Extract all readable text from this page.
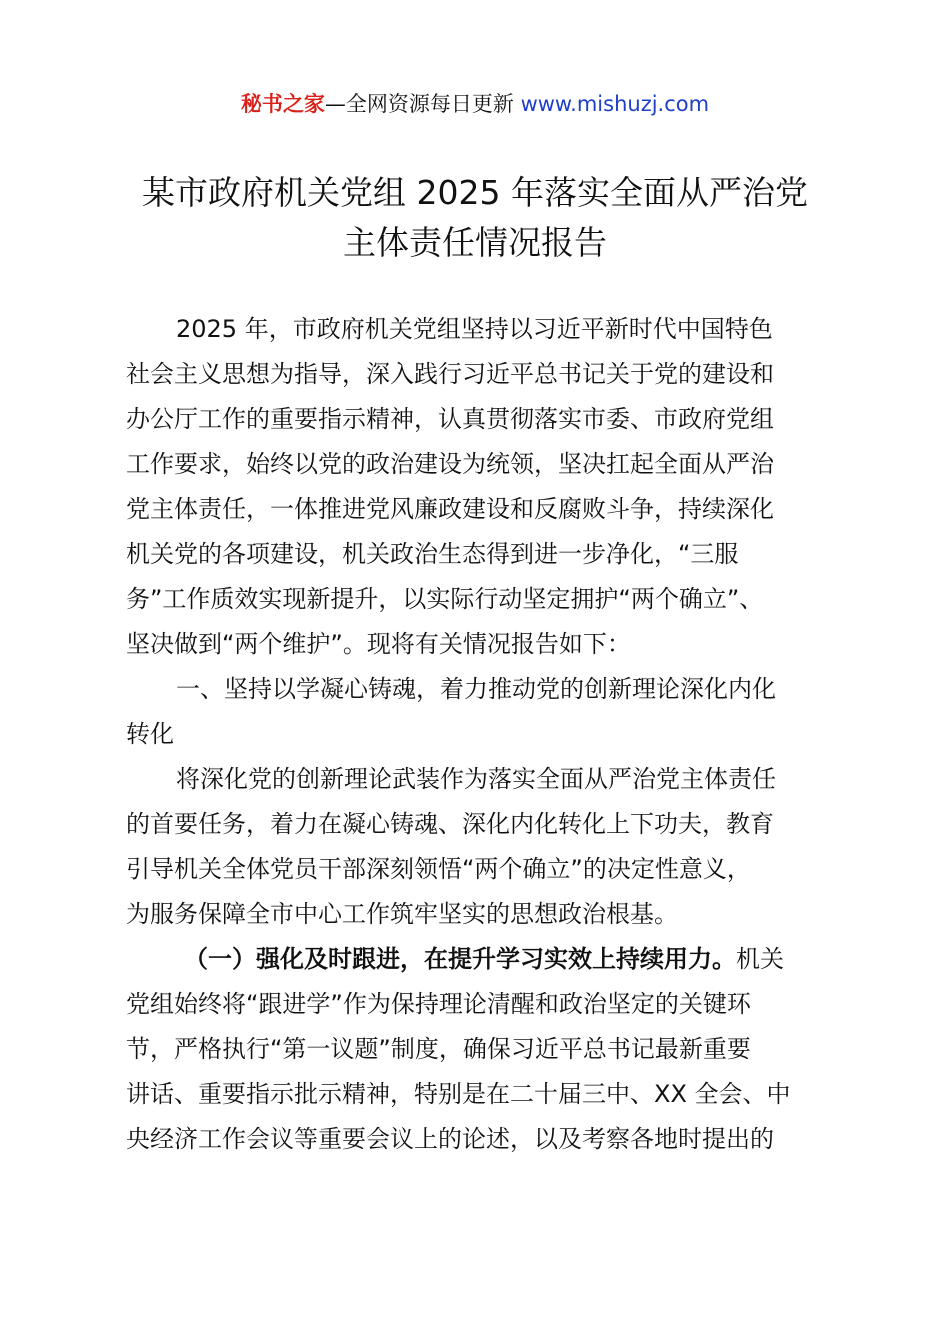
秘书之家—全网资源每日更新 www.mishuzj.com
某市政府机关党组 2025 年落实全面从严治党
主体责任情况报告
2025 年，市政府机关党组坚持以习近平新时代中国特色
社会主义思想为指导，深入践行习近平总书记关于党的建设和
办公厅工作的重要指示精神，认真贯彻落实市委、市政府党组
工作要求，始终以党的政治建设为统领，坚决扛起全面从严治
党主体责任，一体推进党风廉政建设和反腐败斗争，持续深化
机关党的各项建设，机关政治生态得到进一步净化，“三服
务”工作质效实现新提升，以实际行动坚定拥护“两个确立”、
坚决做到“两个维护”。现将有关情况报告如下：
一、坚持以学凝心铸魂，着力推动党的创新理论深化内化
转化
将深化党的创新理论武装作为落实全面从严治党主体责任
的首要任务，着力在凝心铸魂、深化内化转化上下功夫，教育
引导机关全体党员干部深刻领悟“两个确立”的决定性意义，
为服务保障全市中心工作筑牢坚实的思想政治根基。
（一）强化及时跟进，在提升学习实效上持续用力。机关
党组始终将“跟进学”作为保持理论清醒和政治坚定的关键环
节，严格执行“第一议题”制度，确保习近平总书记最新重要
讲话、重要指示批示精神，特别是在二十届三中、XX 全会、中
央经济工作会议等重要会议上的论述，以及考察各地时提出的
